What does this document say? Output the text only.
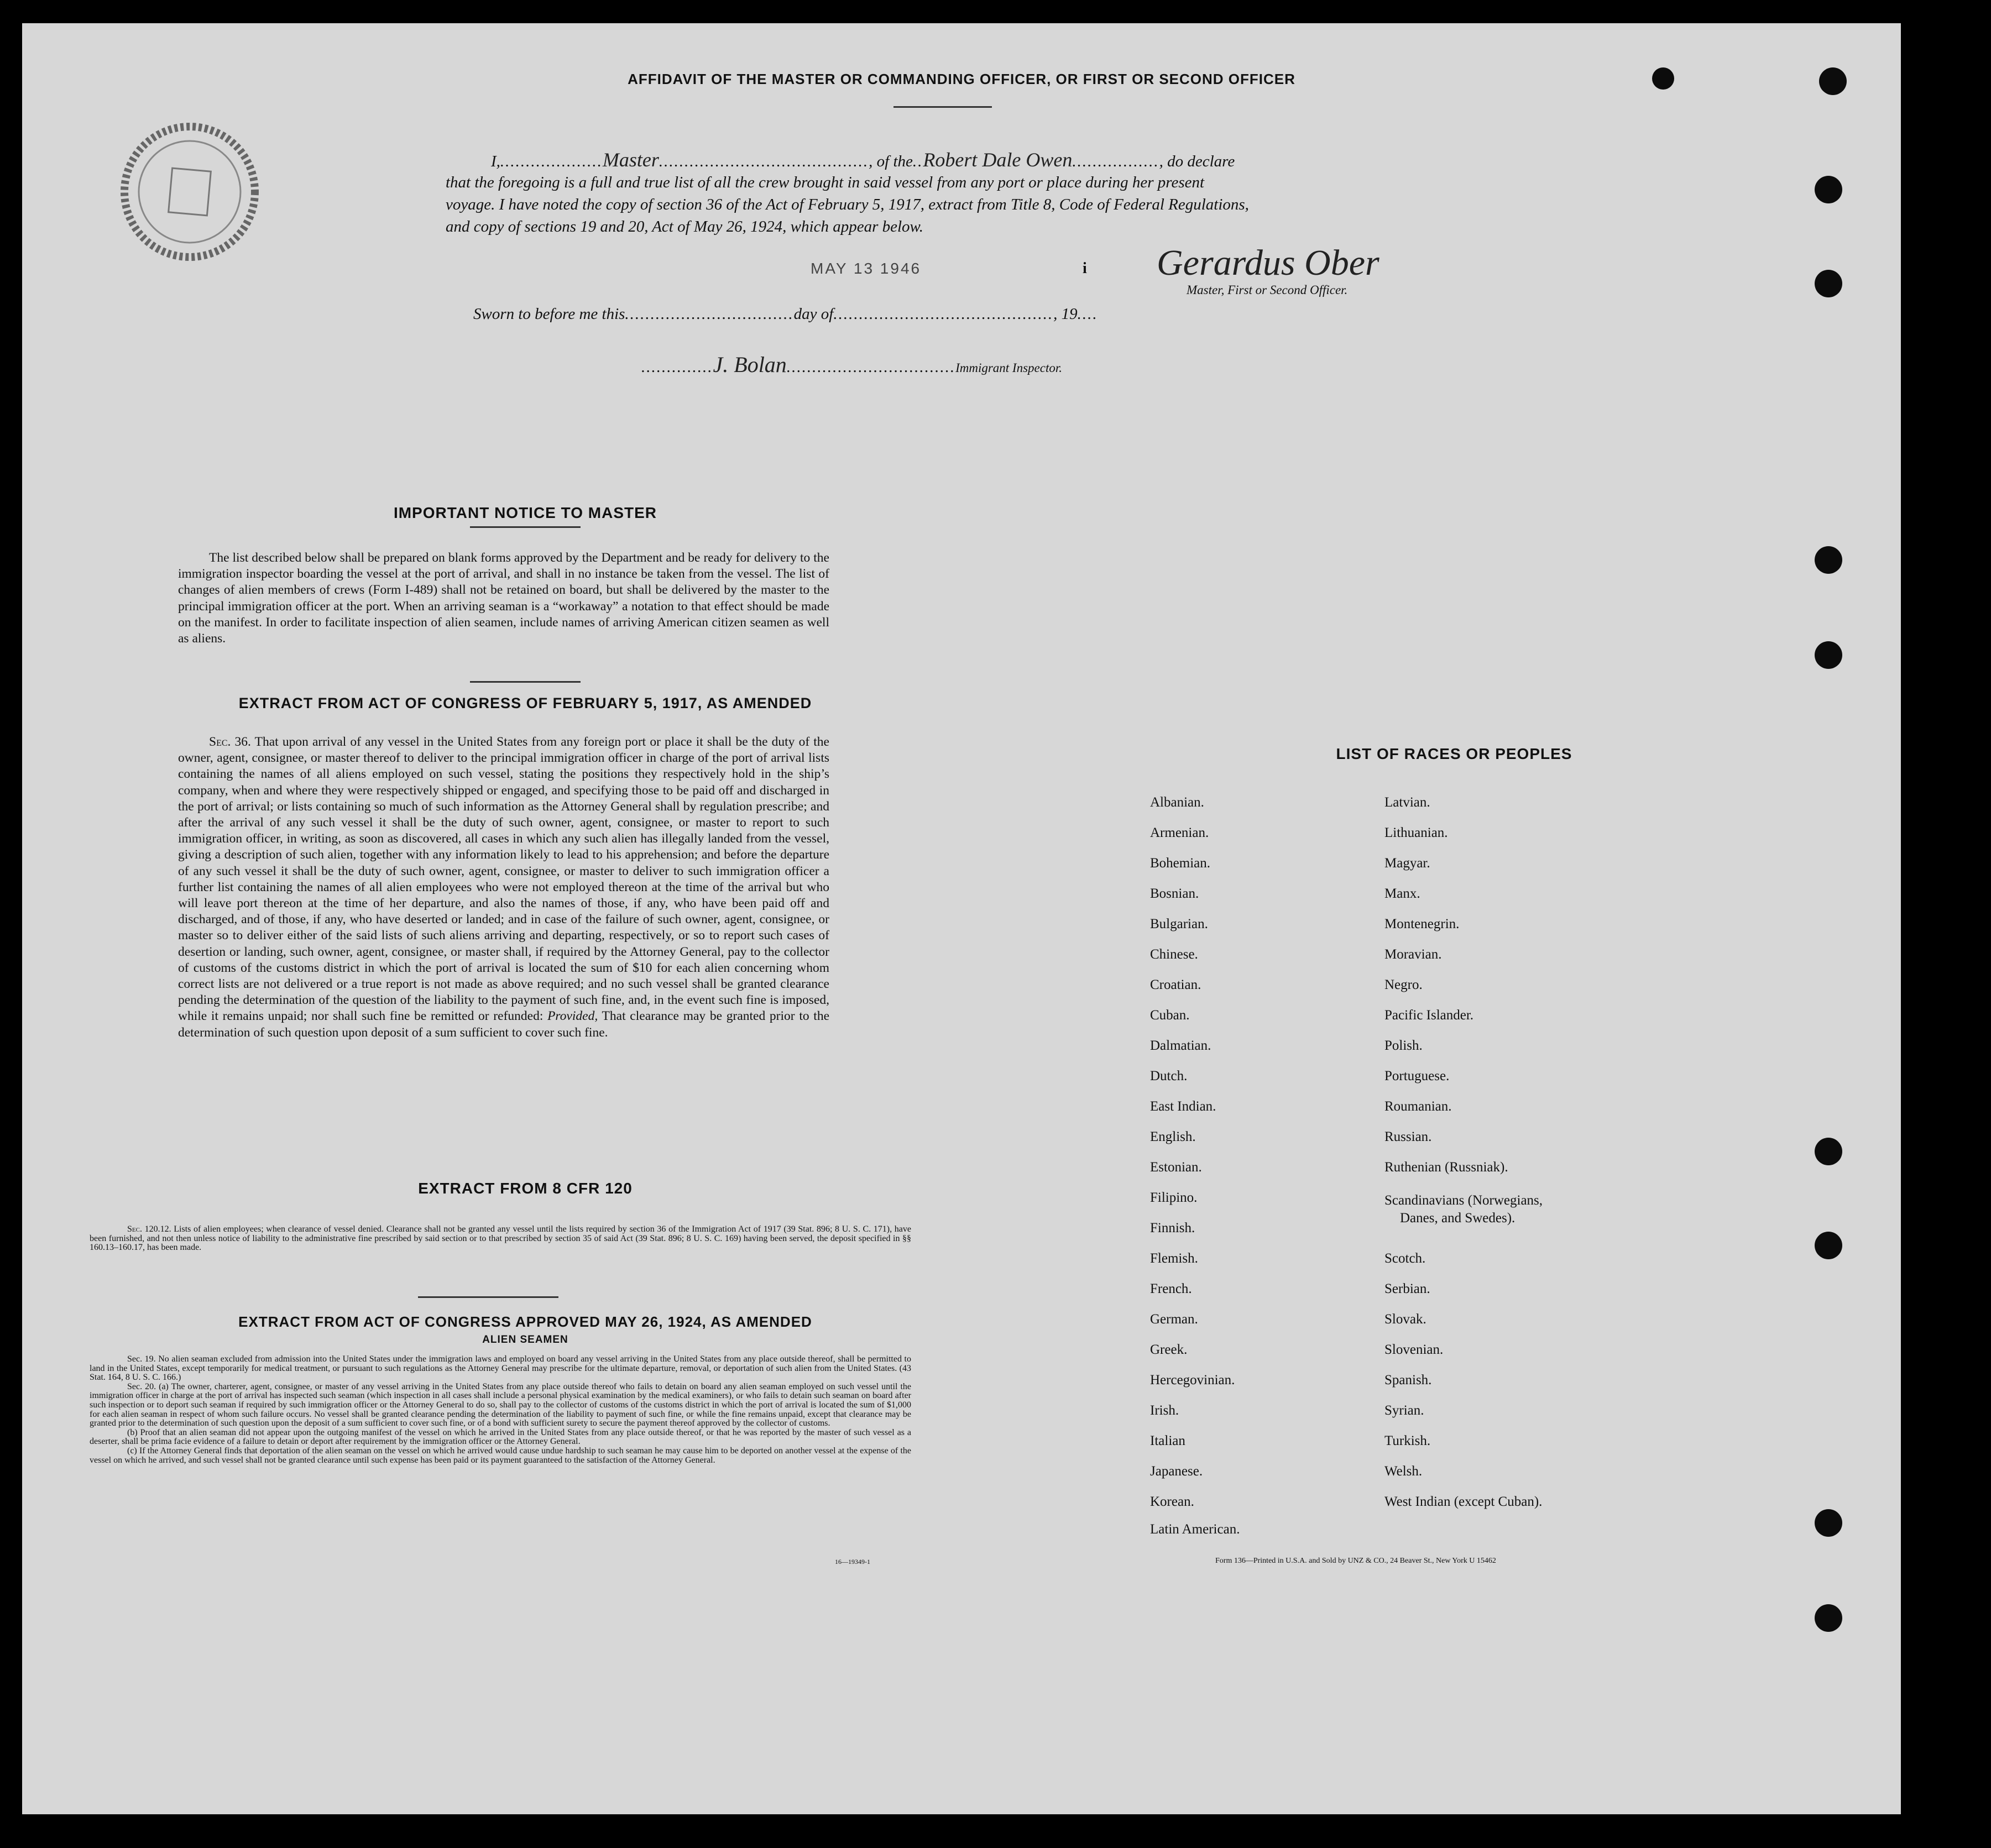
AFFIDAVIT OF THE MASTER OR COMMANDING OFFICER, OR FIRST OR SECOND OFFICER
I,....................Master........................................., of the..Robert Dale Owen................., do declare
that the foregoing is a full and true list of all the crew brought in said vessel from any port or place during her present
voyage. I have noted the copy of section 36 of the Act of February 5, 1917, extract from Title 8, Code of Federal Regulations,
and copy of sections 19 and 20, Act of May 26, 1924, which appear below.
MAY 13 1946	i Gerardus Ober
Master, First or Second Officer.
Sworn to before me this.................................day of..........................................., 19....
..............J. Bolan.................................Immigrant Inspector.
IMPORTANT NOTICE TO MASTER

The list described below shall be prepared on blank forms approved by the Department and be ready for delivery to the immigration inspector boarding the vessel at the port of arrival, and shall in no instance be taken from the vessel. The list of changes of alien members of crews (Form I-489) shall not be retained on board, but shall be delivered by the master to the principal immigration officer at the port. When an arriving seaman is a “workaway” a notation to that effect should be made on the manifest. In order to facilitate inspection of alien seamen, include names of arriving American citizen seamen as well as aliens.

EXTRACT FROM ACT OF CONGRESS OF FEBRUARY 5, 1917, AS AMENDED
Sec. 36. That upon arrival of any vessel in the United States from any foreign port or place it shall be the duty of the owner, agent, consignee, or master thereof to deliver to the principal immigration officer in charge of the port of arrival lists containing the names of all aliens employed on such vessel, stating the positions they respectively hold in the ship’s company, when and where they were respectively shipped or engaged, and specifying those to be paid off and discharged in the port of arrival; or lists containing so much of such information as the Attorney General shall by regulation prescribe; and after the arrival of any such vessel it shall be the duty of such owner, agent, consignee, or master to report to such immigration officer, in writing, as soon as discovered, all cases in which any such alien has illegally landed from the vessel, giving a description of such alien, together with any information likely to lead to his apprehension; and before the departure of any such vessel it shall be the duty of such owner, agent, consignee, or master to deliver to such immigration officer a further list containing the names of all alien employees who were not employed thereon at the time of the arrival but who will leave port thereon at the time of her departure, and also the names of those, if any, who have been paid off and discharged, and of those, if any, who have deserted or landed; and in case of the failure of such owner, agent, consignee, or master so to deliver either of the said lists of such aliens arriving and departing, respectively, or so to report such cases of desertion or landing, such owner, agent, consignee, or master shall, if required by the Attorney General, pay to the collector of customs of the customs district in which the port of arrival is located the sum of $10 for each alien concerning whom correct lists are not delivered or a true report is not made as above required; and no such vessel shall be granted clearance pending the determination of the question of the liability to the payment of such fine, and, in the event such fine is imposed, while it remains unpaid; nor shall such fine be remitted or refunded: Provided, That clearance may be granted prior to the determination of such question upon deposit of a sum sufficient to cover such fine.
EXTRACT FROM 8 CFR 120
Sec. 120.12. Lists of alien employees; when clearance of vessel denied. Clearance shall not be granted any vessel until the lists required by section 36 of the Immigration Act of 1917 (39 Stat. 896; 8 U. S. C. 171), have been furnished, and not then unless notice of liability to the administrative fine prescribed by said section or to that prescribed by section 35 of said Act (39 Stat. 896; 8 U. S. C. 169) having been served, the deposit specified in §§ 160.13–160.17, has been made.
EXTRACT FROM ACT OF CONGRESS APPROVED MAY 26, 1924, AS AMENDED
ALIEN SEAMEN

Sec. 19. No alien seaman excluded from admission into the United States under the immigration laws and employed on board any vessel arriving in the United States from any place outside thereof, shall be permitted to land in the United States, except temporarily for medical treatment, or pursuant to such regulations as the Attorney General may prescribe for the ultimate departure, removal, or deportation of such alien from the United States. (43 Stat. 164, 8 U. S. C. 166.)

Sec. 20. (a) The owner, charterer, agent, consignee, or master of any vessel arriving in the United States from any place outside thereof who fails to detain on board any alien seaman employed on such vessel until the immigration officer in charge at the port of arrival has inspected such seaman (which inspection in all cases shall include a personal physical examination by the medical examiners), or who fails to detain such seaman on board after such inspection or to deport such seaman if required by such immigration officer or the Attorney General to do so, shall pay to the collector of customs of the customs district in which the port of arrival is located the sum of $1,000 for each alien seaman in respect of whom such failure occurs. No vessel shall be granted clearance pending the determination of the liability to payment of such fine, or while the fine remains unpaid, except that clearance may be granted prior to the determination of such question upon the deposit of a sum sufficient to cover such fine, or of a bond with sufficient surety to secure the payment thereof approved by the collector of customs.

(b) Proof that an alien seaman did not appear upon the outgoing manifest of the vessel on which he arrived in the United States from any place outside thereof, or that he was reported by the master of such vessel as a deserter, shall be prima facie evidence of a failure to detain or deport after requirement by the immigration officer or the Attorney General.

(c) If the Attorney General finds that deportation of the alien seaman on the vessel on which he arrived would cause undue hardship to such seaman he may cause him to be deported on another vessel at the expense of the vessel on which he arrived, and such vessel shall not be granted clearance until such expense has been paid or its payment guaranteed to the satisfaction of the Attorney General.

16—19349-1
LIST OF RACES OR PEOPLES
Albanian.
Armenian.
Bohemian.
Bosnian.
Bulgarian.
Chinese.
Croatian.
Cuban.
Dalmatian.
Dutch.
East Indian.
English.
Estonian.
Filipino.
Finnish.
Flemish.
French.
German.
Greek.
Hercegovinian.
Irish.
Italian
Japanese.
Korean.
Latin American.
Latvian.
Lithuanian.
Magyar.
Manx.
Montenegrin.
Moravian.
Negro.
Pacific Islander.
Polish.
Portuguese.
Roumanian.
Russian.
Ruthenian (Russniak).
Scandinavians (Norwegians,
Danes, and Swedes).
Scotch.
Serbian.
Slovak.
Slovenian.
Spanish.
Syrian.
Turkish.
Welsh.
West Indian (except Cuban).
Form 136—Printed in U.S.A. and Sold by UNZ & CO., 24 Beaver St., New York U 15462
